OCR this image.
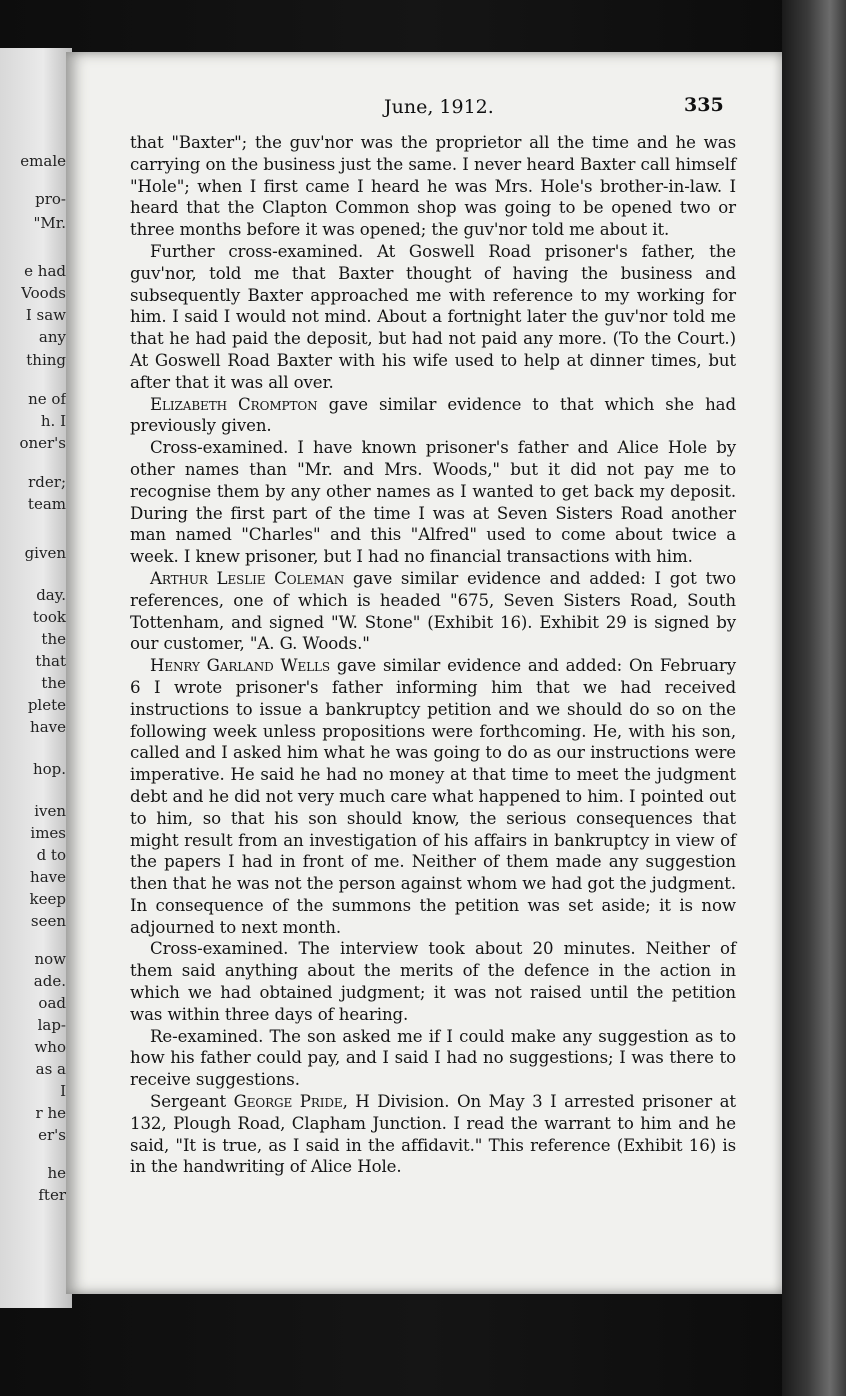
emale
pro-
"Mr.
e had
Voods
I saw
any
thing
ne of
h. I
oner's
rder;
team
given
day.
took
the
that
the
plete
have
hop.
iven
imes
d to
have
keep
seen
now
ade.
oad
lap-
who
as a
I
r he
er's
he
fter
June, 1912.	335

that "Baxter"; the guv'nor was the proprietor all the time and he was carrying on the business just the same. I never heard Baxter call himself "Hole"; when I first came I heard he was Mrs. Hole's brother-in-law. I heard that the Clapton Common shop was going to be opened two or three months before it was opened; the guv'nor told me about it.

Further cross-examined. At Goswell Road prisoner's father, the guv'nor, told me that Baxter thought of having the business and subsequently Baxter approached me with reference to my working for him. I said I would not mind. About a fortnight later the guv'nor told me that he had paid the deposit, but had not paid any more. (To the Court.) At Goswell Road Baxter with his wife used to help at dinner times, but after that it was all over.

Elizabeth Crompton gave similar evidence to that which she had previously given.

Cross-examined. I have known prisoner's father and Alice Hole by other names than "Mr. and Mrs. Woods," but it did not pay me to recognise them by any other names as I wanted to get back my deposit. During the first part of the time I was at Seven Sisters Road another man named "Charles" and this "Alfred" used to come about twice a week. I knew prisoner, but I had no financial transactions with him.

Arthur Leslie Coleman gave similar evidence and added: I got two references, one of which is headed "675, Seven Sisters Road, South Tottenham, and signed "W. Stone" (Exhibit 16). Exhibit 29 is signed by our customer, "A. G. Woods."

Henry Garland Wells gave similar evidence and added: On February 6 I wrote prisoner's father informing him that we had received instructions to issue a bankruptcy petition and we should do so on the following week unless propositions were forthcoming. He, with his son, called and I asked him what he was going to do as our instructions were imperative. He said he had no money at that time to meet the judgment debt and he did not very much care what happened to him. I pointed out to him, so that his son should know, the serious consequences that might result from an investigation of his affairs in bankruptcy in view of the papers I had in front of me. Neither of them made any suggestion then that he was not the person against whom we had got the judgment. In consequence of the summons the petition was set aside; it is now adjourned to next month.

Cross-examined. The interview took about 20 minutes. Neither of them said anything about the merits of the defence in the action in which we had obtained judgment; it was not raised until the petition was within three days of hearing.

Re-examined. The son asked me if I could make any suggestion as to how his father could pay, and I said I had no suggestions; I was there to receive suggestions.

Sergeant George Pride, H Division. On May 3 I arrested prisoner at 132, Plough Road, Clapham Junction. I read the warrant to him and he said, "It is true, as I said in the affidavit." This reference (Exhibit 16) is in the handwriting of Alice Hole.
